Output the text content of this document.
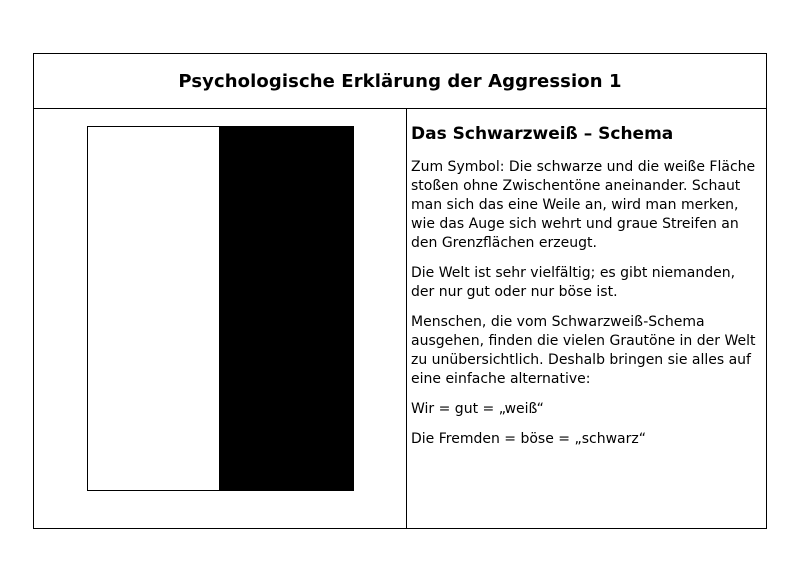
Psychologische Erklärung der Aggression 1
Das Schwarzweiß – Schema

Zum Symbol: Die schwarze und die weiße Fläche stoßen ohne Zwischentöne aneinander. Schaut man sich das eine Weile an, wird man merken, wie das Auge sich wehrt und graue Streifen an den Grenzflächen erzeugt.

Die Welt ist sehr vielfältig; es gibt niemanden, der nur gut oder nur böse ist.

Menschen, die vom Schwarzweiß-Schema ausgehen, finden die vielen Grautöne in der Welt zu unübersichtlich. Deshalb bringen sie alles auf eine einfache alternative:

Wir = gut = „weiß“

Die Fremden = böse = „schwarz“
